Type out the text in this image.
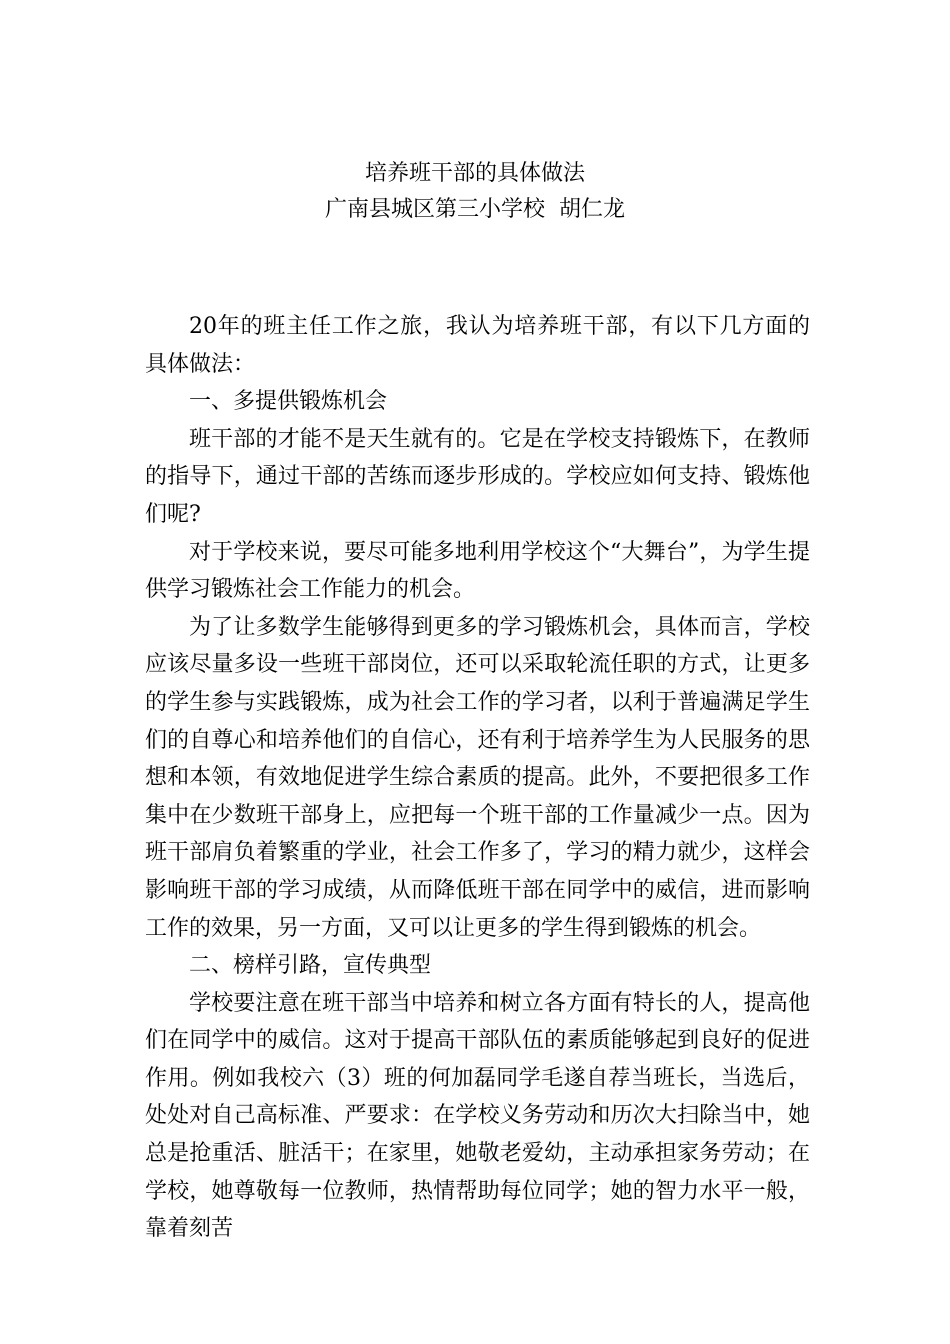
培养班干部的具体做法
广南县城区第三小学校  胡仁龙

20年的班主任工作之旅，我认为培养班干部，有以下几方面的具体做法：

一、多提供锻炼机会

班干部的才能不是天生就有的。它是在学校支持锻炼下，在教师的指导下，通过干部的苦练而逐步形成的。学校应如何支持、锻炼他们呢?

对于学校来说，要尽可能多地利用学校这个“大舞台”，为学生提供学习锻炼社会工作能力的机会。

为了让多数学生能够得到更多的学习锻炼机会，具体而言，学校应该尽量多设一些班干部岗位，还可以采取轮流任职的方式，让更多的学生参与实践锻炼，成为社会工作的学习者，以利于普遍满足学生们的自尊心和培养他们的自信心，还有利于培养学生为人民服务的思想和本领，有效地促进学生综合素质的提高。此外，不要把很多工作集中在少数班干部身上，应把每一个班干部的工作量减少一点。因为班干部肩负着繁重的学业，社会工作多了，学习的精力就少，这样会影响班干部的学习成绩，从而降低班干部在同学中的威信，进而影响工作的效果，另一方面，又可以让更多的学生得到锻炼的机会。

二、榜样引路，宣传典型

学校要注意在班干部当中培养和树立各方面有特长的人，提高他们在同学中的威信。这对于提高干部队伍的素质能够起到良好的促进作用。例如我校六（3）班的何加磊同学毛遂自荐当班长，当选后，处处对自己高标准、严要求：在学校义务劳动和历次大扫除当中，她总是抢重活、脏活干；在家里，她敬老爱幼，主动承担家务劳动；在学校，她尊敬每一位教师，热情帮助每位同学；她的智力水平一般，靠着刻苦
